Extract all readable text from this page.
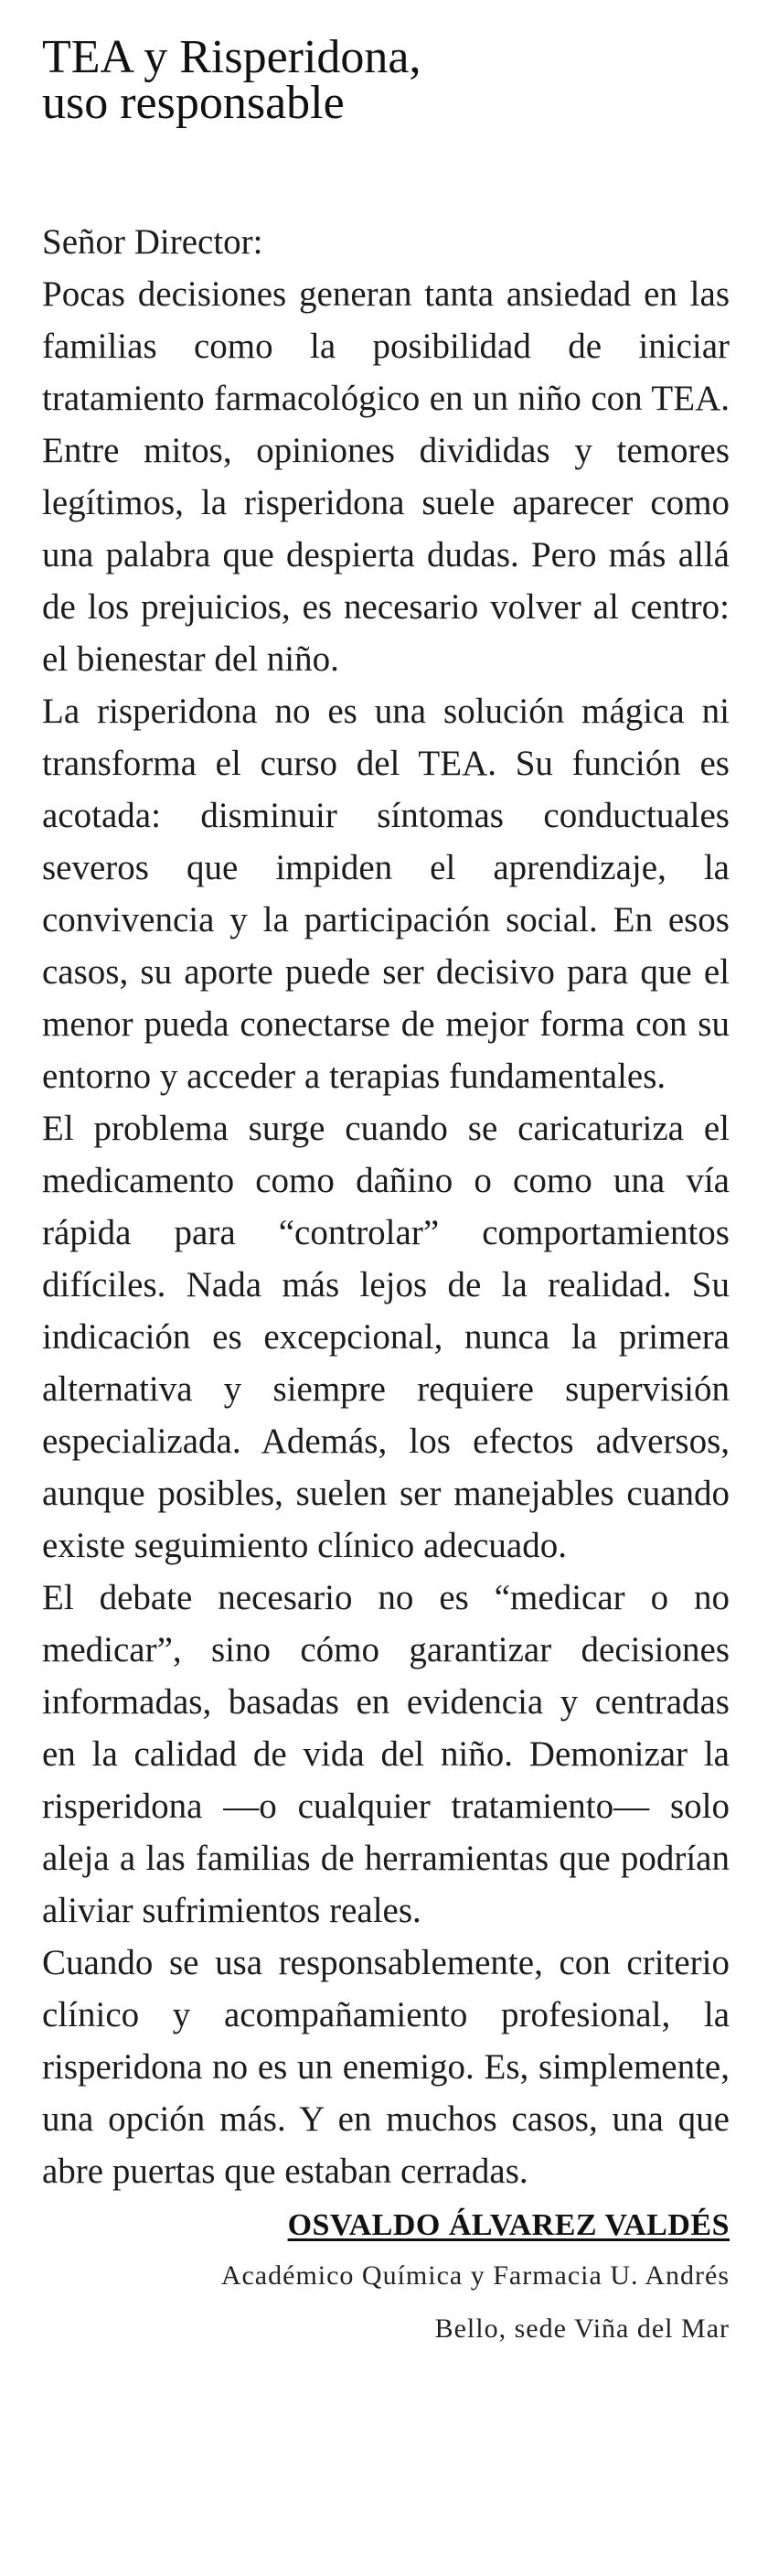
TEA y Risperidona,
uso responsable

Señor Director:

Pocas decisiones generan tanta ansiedad en las familias como la posibilidad de iniciar tratamiento farmacológico en un niño con TEA. Entre mitos, opiniones divididas y temores legítimos, la risperidona suele aparecer como una palabra que despierta dudas. Pero más allá de los prejuicios, es necesario volver al centro: el bienestar del niño.

La risperidona no es una solución mágica ni transforma el curso del TEA. Su función es acotada: disminuir síntomas conductuales severos que impiden el aprendizaje, la convivencia y la participación social. En esos casos, su aporte puede ser decisivo para que el menor pueda conectarse de mejor forma con su entorno y acceder a terapias fundamentales.

El problema surge cuando se caricaturiza el medicamento como dañino o como una vía rápida para “controlar” comportamientos difíciles. Nada más lejos de la realidad. Su indicación es excepcional, nunca la primera alternativa y siempre requiere supervisión especializada. Además, los efectos adversos, aunque posibles, suelen ser manejables cuando existe seguimiento clínico adecuado.

El debate necesario no es “medicar o no medicar”, sino cómo garantizar decisiones informadas, basadas en evidencia y centradas en la calidad de vida del niño. Demonizar la risperidona —o cualquier tratamiento— solo aleja a las familias de herramientas que podrían aliviar sufrimientos reales.

Cuando se usa responsablemente, con criterio clínico y acompañamiento profesional, la risperidona no es un enemigo. Es, simplemente, una opción más. Y en muchos casos, una que abre puertas que estaban cerradas.

OSVALDO ÁLVAREZ VALDÉS
Académico Química y Farmacia U. Andrés
Bello, sede Viña del Mar
